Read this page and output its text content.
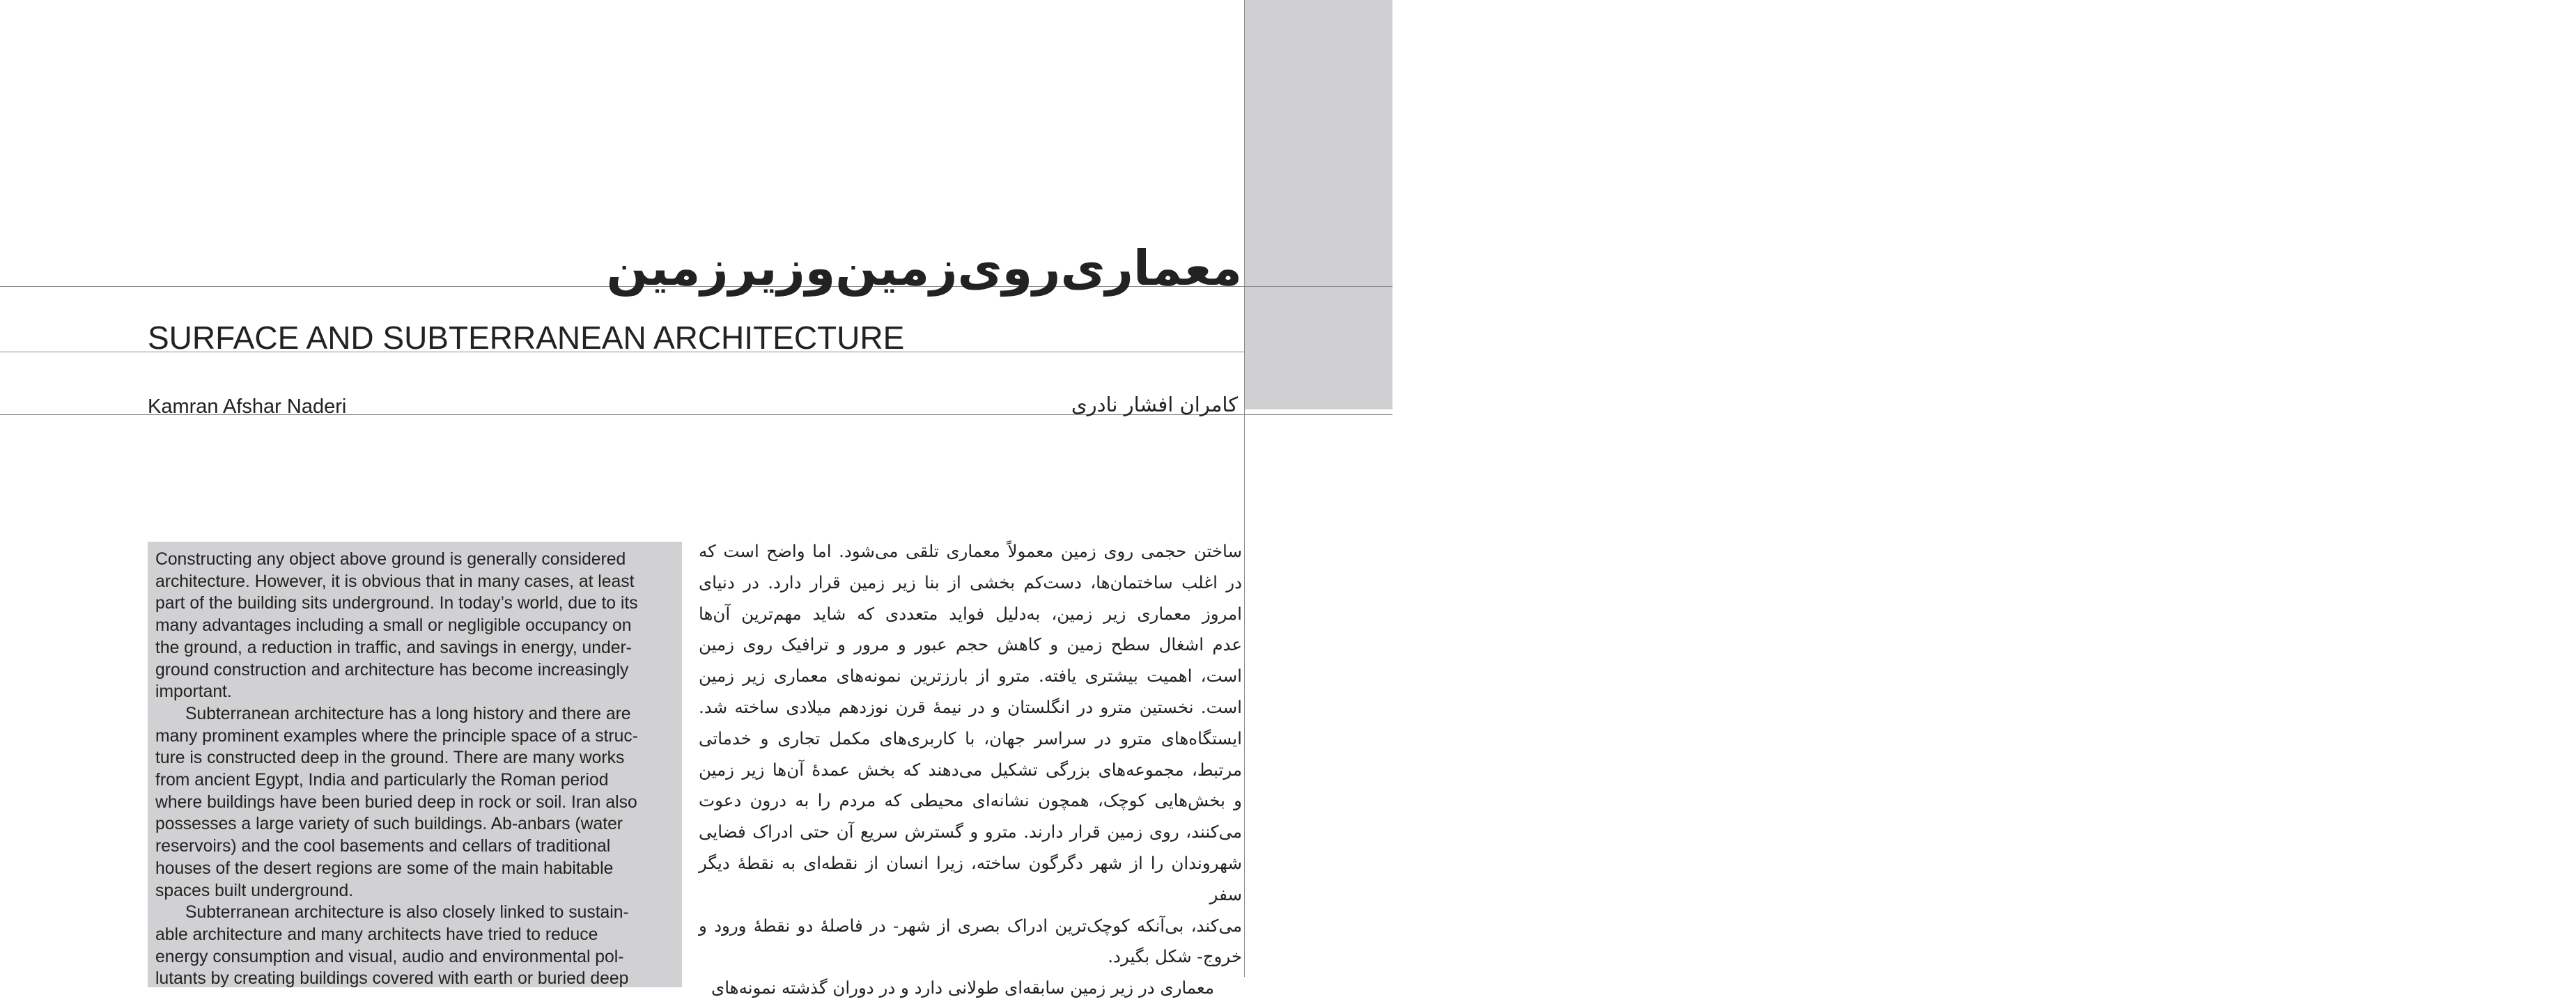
سر مقاله
معماری‌روی‌زمین‌وزیرزمین
SURFACE AND SUBTERRANEAN ARCHITECTURE
Kamran Afshar Naderi	کامران افشار نادری

Constructing any object above ground is generally considered
architecture. However, it is obvious that in many cases, at least
part of the building sits underground. In today’s world, due to its
many advantages including a small or negligible occupancy on
the ground, a reduction in traffic, and savings in energy, under-
ground construction and architecture has become increasingly
important.

Subterranean architecture has a long history and there are
many prominent examples where the principle space of a struc-
ture is constructed deep in the ground. There are many works
from ancient Egypt, India and particularly the Roman period
where buildings have been buried deep in rock or soil. Iran also
possesses a large variety of such buildings. Ab-anbars (water
reservoirs) and the cool basements and cellars of traditional
houses of the desert regions are some of the main habitable
spaces built underground.

Subterranean architecture is also closely linked to sustain-
able architecture and many architects have tried to reduce
energy consumption and visual, audio and environmental pol-
lutants by creating buildings covered with earth or buried deep

ساختن حجمی روی زمین معمولاً معماری تلقی می‌شود. اما واضح است که
در اغلب ساختمان‌ها، دست‌کم بخشی از بنا زیر زمین قرار دارد. در دنیای
امروز معماری زیر زمین، به‌دلیل فواید متعددی که شاید مهم‌ترین آن‌ها
عدم اشغال سطح زمین و کاهش حجم عبور و مرور و ترافیک روی زمین
است، اهمیت بیشتری یافته. مترو از بارزترین نمونه‌های معماری زیر زمین
است. نخستین مترو در انگلستان و در نیمهٔ قرن نوزدهم میلادی ساخته شد.
ایستگاه‌های مترو در سراسر جهان، با کاربری‌های مکمل تجاری و خدماتی
مرتبط، مجموعه‌های بزرگی تشکیل می‌دهند که بخش عمدهٔ آن‌ها زیر زمین
و بخش‌هایی کوچک، همچون نشانه‌ای محیطی که مردم را به درون دعوت
می‌کنند، روی زمین قرار دارند. مترو و گسترش سریع آن حتی ادراک فضایی
شهروندان را از شهر دگرگون ساخته، زیرا انسان از نقطه‌ای به نقطهٔ دیگر سفر
می‌کند، بی‌آنکه کوچک‌ترین ادراک بصری از شهر- در فاصلهٔ دو نقطهٔ ورود و

خروج- شکل بگیرد.

معماری در زیر زمین سابقه‌ای طولانی دارد و در دوران گذشته نمونه‌های
